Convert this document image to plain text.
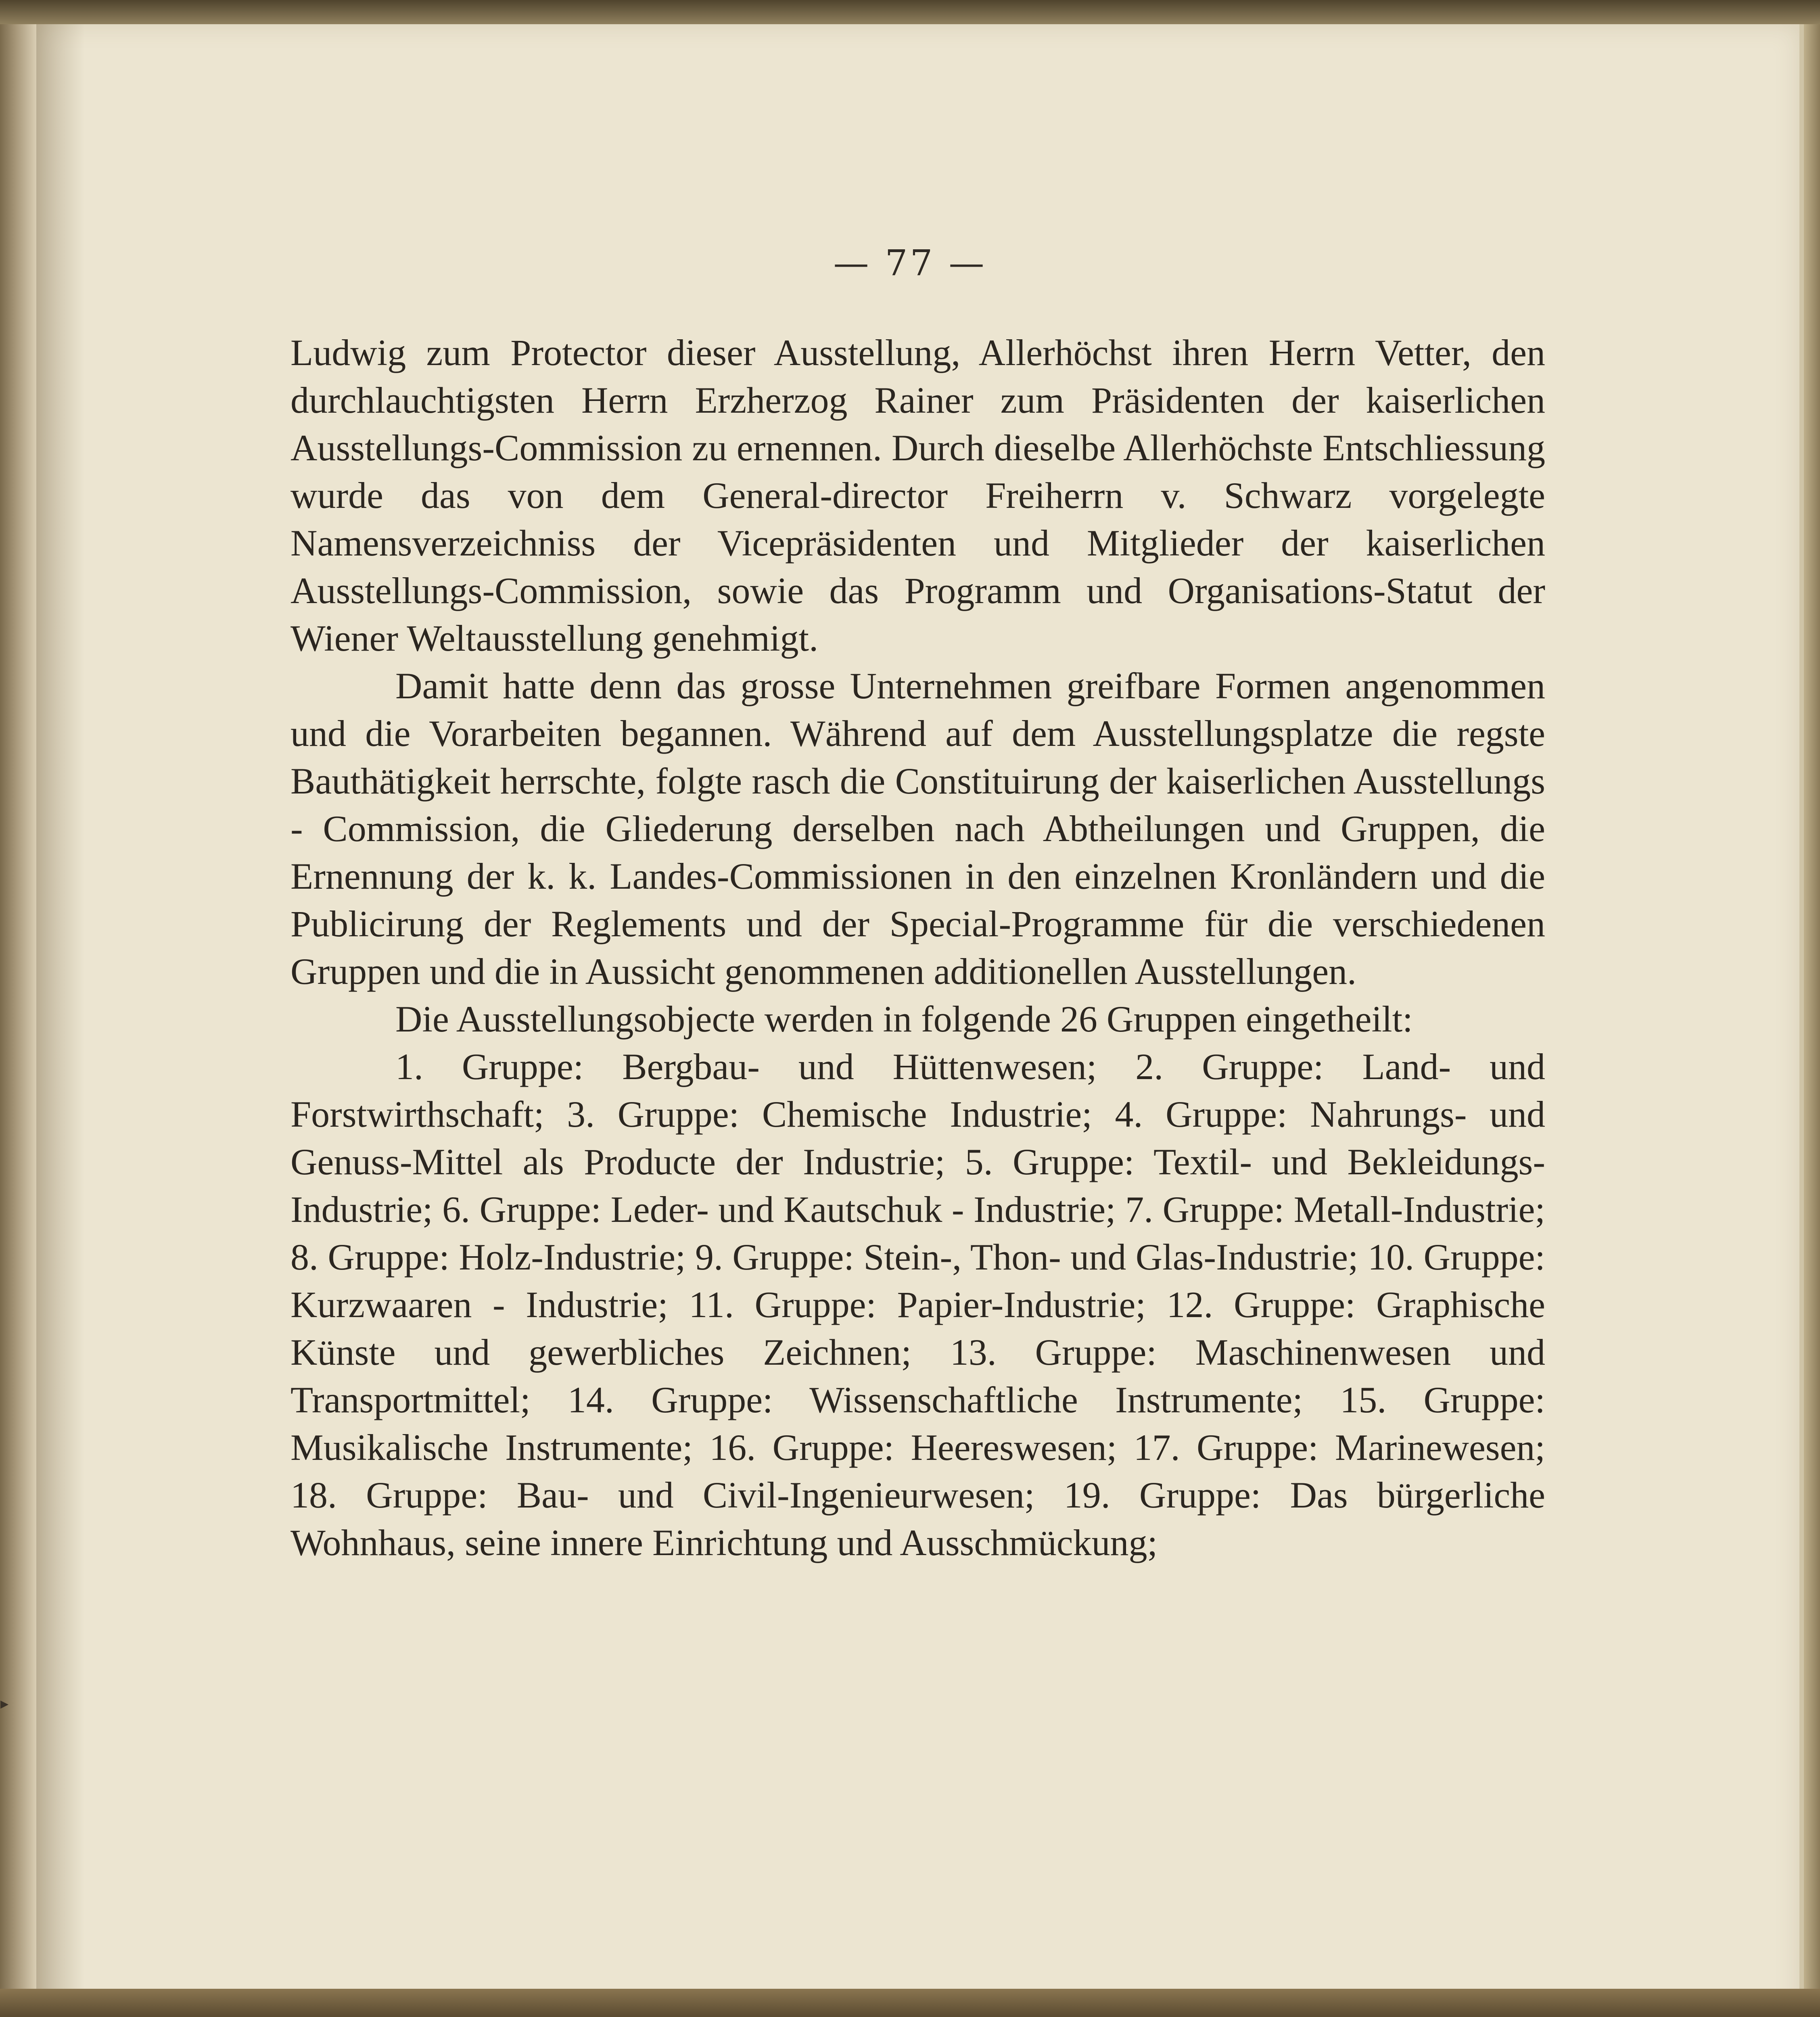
▸
— 77 —

Ludwig zum Protector dieser Ausstellung, Allerhöchst ihren Herrn Vetter, den durchlauchtigsten Herrn Erzherzog Rainer zum Präsidenten der kaiserlichen Ausstellungs-Commission zu ernennen. Durch dieselbe Allerhöchste Entschliessung wurde das von dem General-director Freiherrn v. Schwarz vorgelegte Namensverzeichniss der Vicepräsidenten und Mitglieder der kaiserlichen Ausstellungs-Commission, sowie das Programm und Organisations-Statut der Wiener Weltausstellung genehmigt.

Damit hatte denn das grosse Unternehmen greifbare Formen angenommen und die Vorarbeiten begannen. Während auf dem Ausstellungsplatze die regste Bauthätigkeit herrschte, folgte rasch die Constituirung der kaiserlichen Ausstellungs - Commission, die Gliederung derselben nach Abtheilungen und Gruppen, die Ernennung der k. k. Landes-Commissionen in den einzelnen Kronländern und die Publicirung der Reglements und der Special-Programme für die verschiedenen Gruppen und die in Aussicht genommenen additionellen Ausstellungen.

Die Ausstellungsobjecte werden in folgende 26 Gruppen eingetheilt:

1. Gruppe: Bergbau- und Hüttenwesen; 2. Gruppe: Land- und Forstwirthschaft; 3. Gruppe: Chemische Industrie; 4. Gruppe: Nahrungs- und Genuss-Mittel als Producte der Industrie; 5. Gruppe: Textil- und Bekleidungs-Industrie; 6. Gruppe: Leder- und Kautschuk - Industrie; 7. Gruppe: Metall-Industrie; 8. Gruppe: Holz-Industrie; 9. Gruppe: Stein-, Thon- und Glas-Industrie; 10. Gruppe: Kurzwaaren - Industrie; 11. Gruppe: Papier-Industrie; 12. Gruppe: Graphische Künste und gewerbliches Zeichnen; 13. Gruppe: Maschinenwesen und Transportmittel; 14. Gruppe: Wissenschaftliche Instrumente; 15. Gruppe: Musikalische Instrumente; 16. Gruppe: Heereswesen; 17. Gruppe: Marinewesen; 18. Gruppe: Bau- und Civil-Ingenieurwesen; 19. Gruppe: Das bürgerliche Wohnhaus, seine innere Einrichtung und Ausschmückung;
